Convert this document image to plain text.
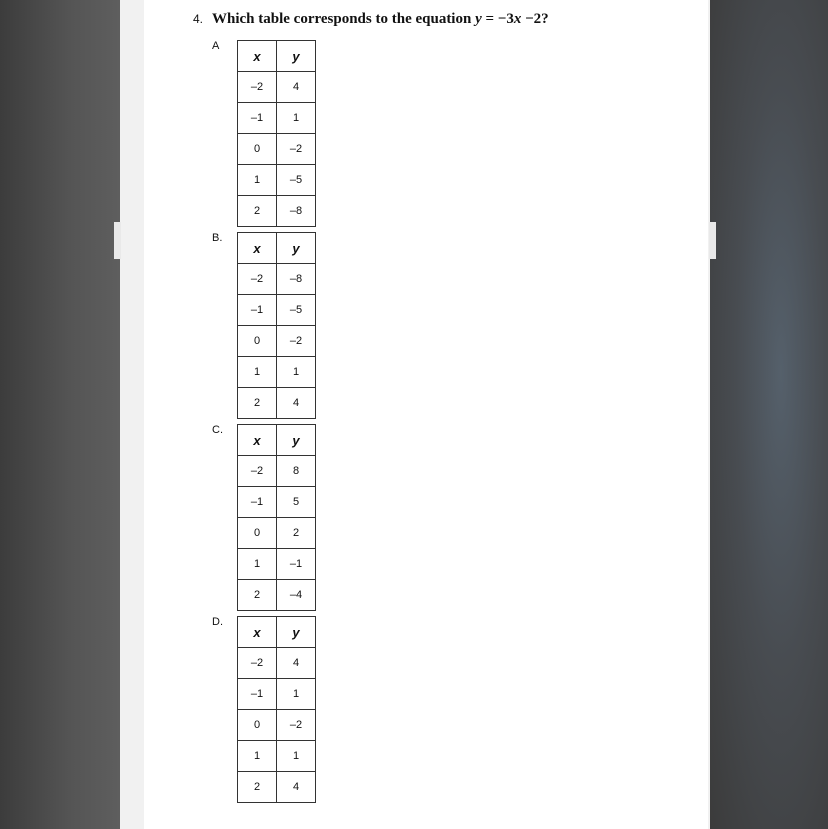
4. Which table corresponds to the equation y = −3x −2?
A
x	y
–2	4
–1	1
0	–2
1	–5
2	–8
B.
x	y
–2	–8
–1	–5
0	–2
1	1
2	4
C.
x	y
–2	8
–1	5
0	2
1	–1
2	–4
D.
x	y
–2	4
–1	1
0	–2
1	1
2	4
